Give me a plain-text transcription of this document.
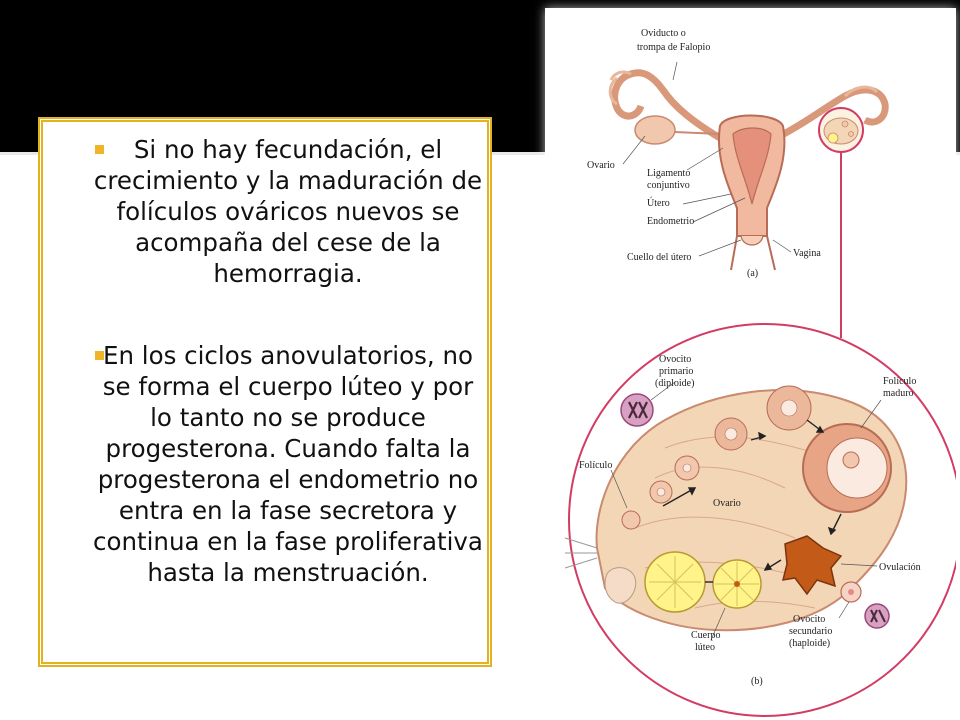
Oviducto o
trompa de Falopio
Ovario
Ligamento
conjuntivo
Útero
Endometrio
Cuello del útero	Vagina
(a)
Ovocito
primario
(diploide)	Folículo
maduro
Folículo
Ovario
Ovulación
Ovocito
secundario
(haploide)
Cuerpo
lúteo
(b)

Si no hay fecundación, el crecimiento y la maduración de folículos ováricos nuevos se acompaña del cese de la hemorragia.

En los ciclos anovulatorios, no se forma el cuerpo lúteo y por lo tanto no se produce progesterona. Cuando falta la progesterona el endometrio no entra en la fase secretora y continua en la fase proliferativa hasta la menstruación.
